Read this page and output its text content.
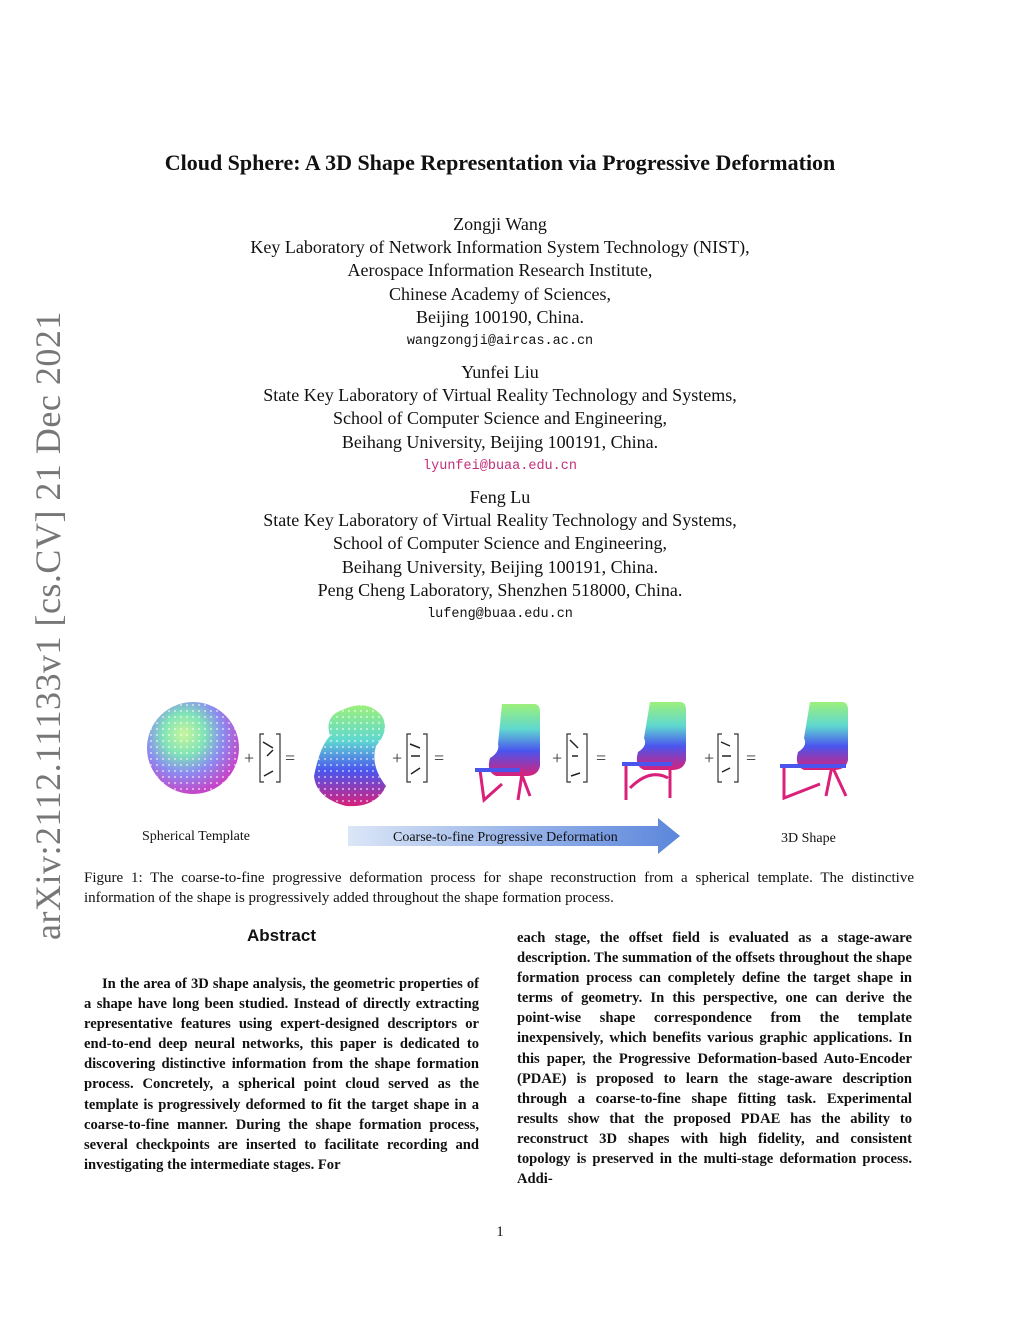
arXiv:2112.11133v1 [cs.CV] 21 Dec 2021
Cloud Sphere: A 3D Shape Representation via Progressive Deformation
Zongji Wang
Key Laboratory of Network Information System Technology (NIST),
Aerospace Information Research Institute,
Chinese Academy of Sciences,
Beijing 100190, China.
wangzongji@aircas.ac.cn
Yunfei Liu
State Key Laboratory of Virtual Reality Technology and Systems,
School of Computer Science and Engineering,
Beihang University, Beijing 100191, China.
lyunfei@buaa.edu.cn
Feng Lu
State Key Laboratory of Virtual Reality Technology and Systems,
School of Computer Science and Engineering,
Beihang University, Beijing 100191, China.
Peng Cheng Laboratory, Shenzhen 518000, China.
lufeng@buaa.edu.cn
+ =	+ =	+ =	+ =
Spherical Template	Coarse-to-fine Progressive Deformation	3D Shape
Figure 1: The coarse-to-fine progressive deformation process for shape reconstruction from a spherical template. The distinctive information of the shape is progressively added throughout the shape formation process.
Abstract
In the area of 3D shape analysis, the geometric properties of a shape have long been studied. Instead of directly extracting representative features using expert-designed descriptors or end-to-end deep neural networks, this paper is dedicated to discovering distinctive information from the shape formation process. Concretely, a spherical point cloud served as the template is progressively deformed to fit the target shape in a coarse-to-fine manner. During the shape formation process, several checkpoints are inserted to facilitate recording and investigating the intermediate stages. For
each stage, the offset field is evaluated as a stage-aware description. The summation of the offsets throughout the shape formation process can completely define the target shape in terms of geometry. In this perspective, one can derive the point-wise shape correspondence from the template inexpensively, which benefits various graphic applications. In this paper, the Progressive Deformation-based Auto-Encoder (PDAE) is proposed to learn the stage-aware description through a coarse-to-fine shape fitting task. Experimental results show that the proposed PDAE has the ability to reconstruct 3D shapes with high fidelity, and consistent topology is preserved in the multi-stage deformation process. Addi-
1
